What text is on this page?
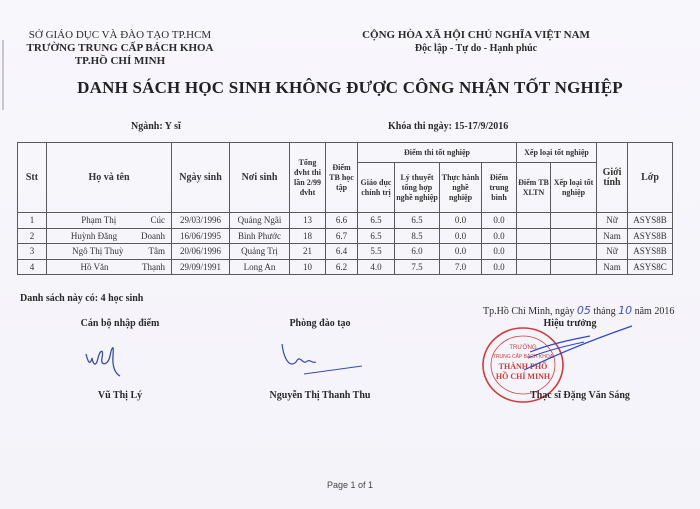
SỞ GIÁO DỤC VÀ ĐÀO TẠO TP.HCM
TRƯỜNG TRUNG CẤP BÁCH KHOA
TP.HỒ CHÍ MINH
CỘNG HÒA XÃ HỘI CHỦ NGHĨA VIỆT NAM
Độc lập - Tự do - Hạnh phúc
DANH SÁCH HỌC SINH KHÔNG ĐƯỢC CÔNG NHẬN TỐT NGHIỆP
Ngành: Y sĩ	Khóa thi ngày: 15-17/9/2016
Stt	Họ và tên	Ngày sinh	Nơi sinh	Tổng đvht thi lần 2/99 đvht	Điểm TB học tập	Điểm thi tốt nghiệp				Xếp loại tốt nghiệp		Giới tính	Lớp
						Giáo dục chính trị	Lý thuyết tổng hợp nghề nghiệp	Thực hành nghề nghiệp	Điểm trung bình	Điểm TB XLTN	Xếp loại tốt nghiệp		
1	Phạm Thị Cúc	29/03/1996	Quảng Ngãi	13	6.6	6.5	6.5	0.0	0.0			Nữ	ASYS8B
2	Huỳnh Đăng Doanh	16/06/1995	Bình Phước	18	6.7	6.5	8.5	0.0	0.0			Nam	ASYS8B
3	Ngô Thị Thuỳ Tâm	20/06/1996	Quảng Trị	21	6.4	5.5	6.0	0.0	0.0			Nữ	ASYS8B
4	Hồ Văn Thạnh	29/09/1991	Long An	10	6.2	4.0	7.5	7.0	0.0			Nam	ASYS8C
Danh sách này có: 4 học sinh
Cán bộ nhập điểm
Vũ Thị Lý
Phòng đào tạo
Nguyễn Thị Thanh Thu
Tp.Hồ Chí Minh, ngày 05 tháng 10 năm 2016
Hiệu trưởng
TRƯỜNG
TRUNG CẤP BÁCH KHOA
THÀNH PHỐ
HỒ CHÍ MINH
Thạc sĩ Đặng Văn Sáng
Page 1 of 1
